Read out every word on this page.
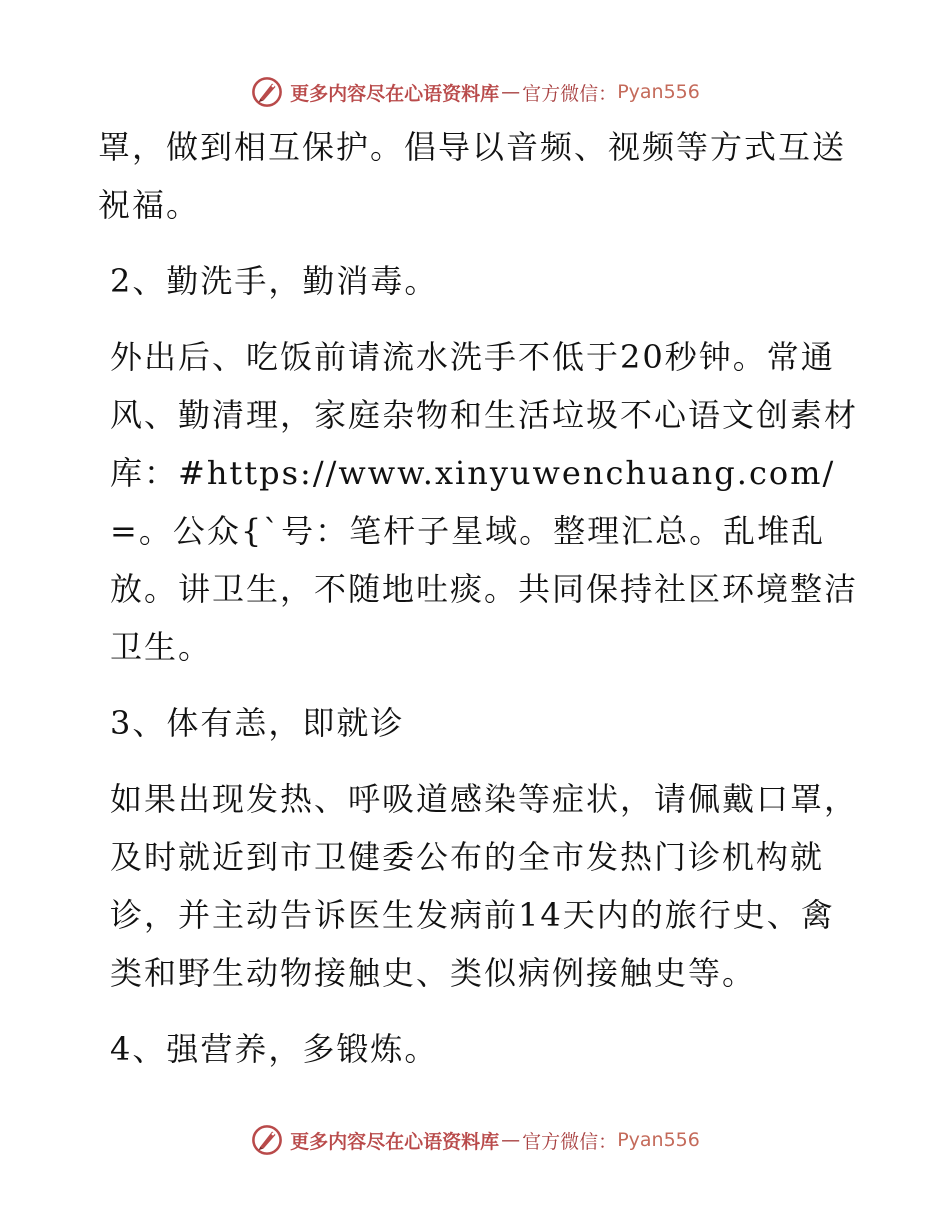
更多内容尽在心语资料库 — 官方微信： Pyan556

罩，做到相互保护。倡导以音频、视频等方式互送祝福。

2、勤洗手，勤消毒。

外出后、吃饭前请流水洗手不低于20秒钟。常通风、勤清理，家庭杂物和生活垃圾不心语文创素材库：#https://www.xinyuwenchuang.com/=。公众{`号：笔杆子星域。整理汇总。乱堆乱放。讲卫生，不随地吐痰。共同保持社区环境整洁卫生。

3、体有恙，即就诊

如果出现发热、呼吸道感染等症状，请佩戴口罩，及时就近到市卫健委公布的全市发热门诊机构就诊，并主动告诉医生发病前14天内的旅行史、禽类和野生动物接触史、类似病例接触史等。

4、强营养，多锻炼。

更多内容尽在心语资料库 — 官方微信： Pyan556
